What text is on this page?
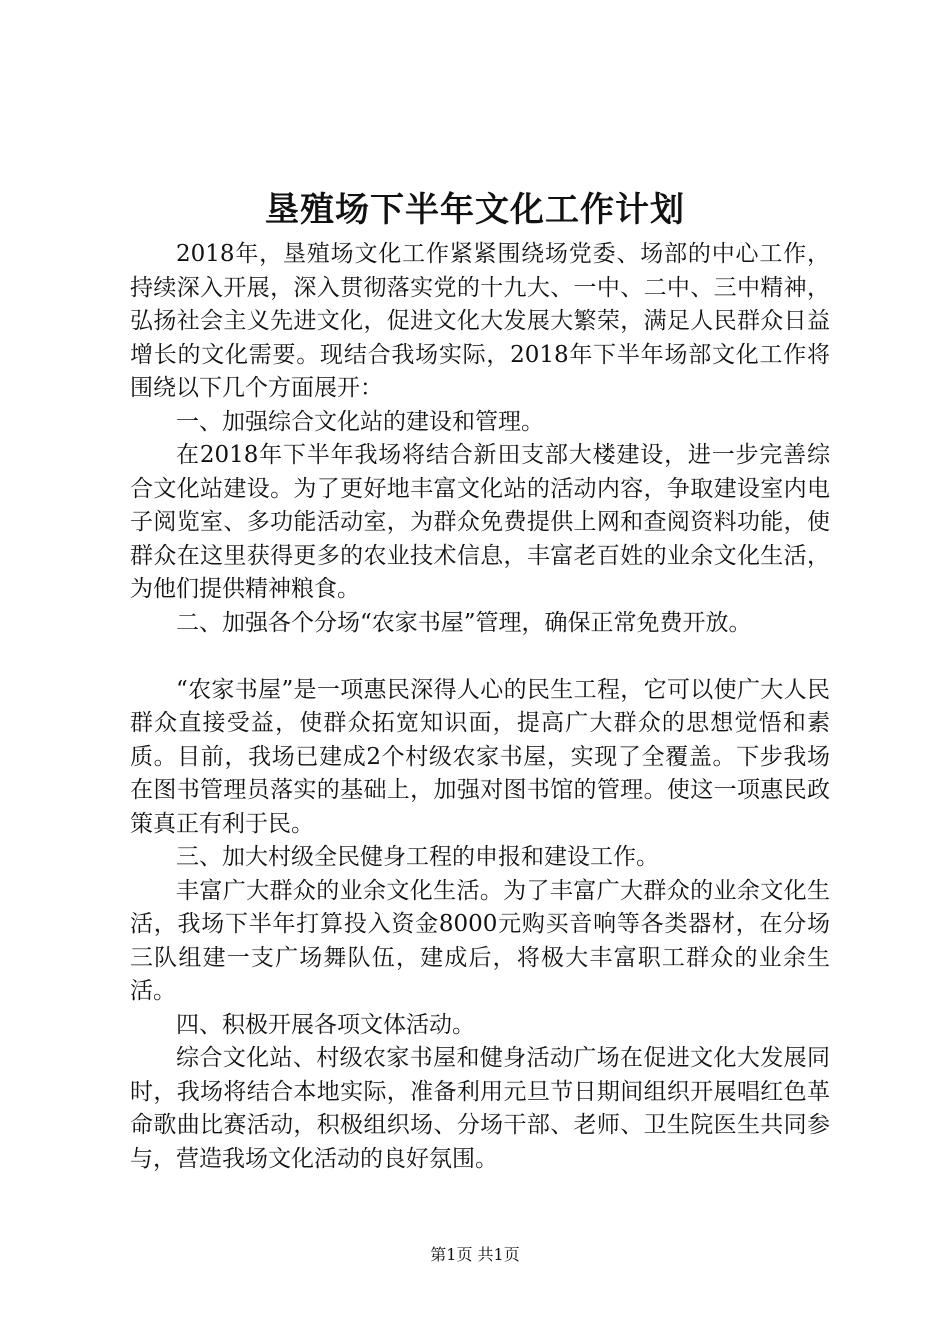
垦殖场下半年文化工作计划

2018年，垦殖场文化工作紧紧围绕场党委、场部的中心工作，持续深入开展，深入贯彻落实党的十九大、一中、二中、三中精神，弘扬社会主义先进文化，促进文化大发展大繁荣，满足人民群众日益增长的文化需要。现结合我场实际，2018年下半年场部文化工作将围绕以下几个方面展开：

一、加强综合文化站的建设和管理。

在2018年下半年我场将结合新田支部大楼建设，进一步完善综合文化站建设。为了更好地丰富文化站的活动内容，争取建设室内电子阅览室、多功能活动室，为群众免费提供上网和查阅资料功能，使群众在这里获得更多的农业技术信息，丰富老百姓的业余文化生活，为他们提供精神粮食。

二、加强各个分场“农家书屋”管理，确保正常免费开放。

“农家书屋”是一项惠民深得人心的民生工程，它可以使广大人民群众直接受益，使群众拓宽知识面，提高广大群众的思想觉悟和素质。目前，我场已建成2个村级农家书屋，实现了全覆盖。下步我场在图书管理员落实的基础上，加强对图书馆的管理。使这一项惠民政策真正有利于民。

三、加大村级全民健身工程的申报和建设工作。

丰富广大群众的业余文化生活。为了丰富广大群众的业余文化生活，我场下半年打算投入资金8000元购买音响等各类器材，在分场三队组建一支广场舞队伍，建成后，将极大丰富职工群众的业余生活。

四、积极开展各项文体活动。

综合文化站、村级农家书屋和健身活动广场在促进文化大发展同时，我场将结合本地实际，准备利用元旦节日期间组织开展唱红色革命歌曲比赛活动，积极组织场、分场干部、老师、卫生院医生共同参与，营造我场文化活动的良好氛围。

第1页 共1页
